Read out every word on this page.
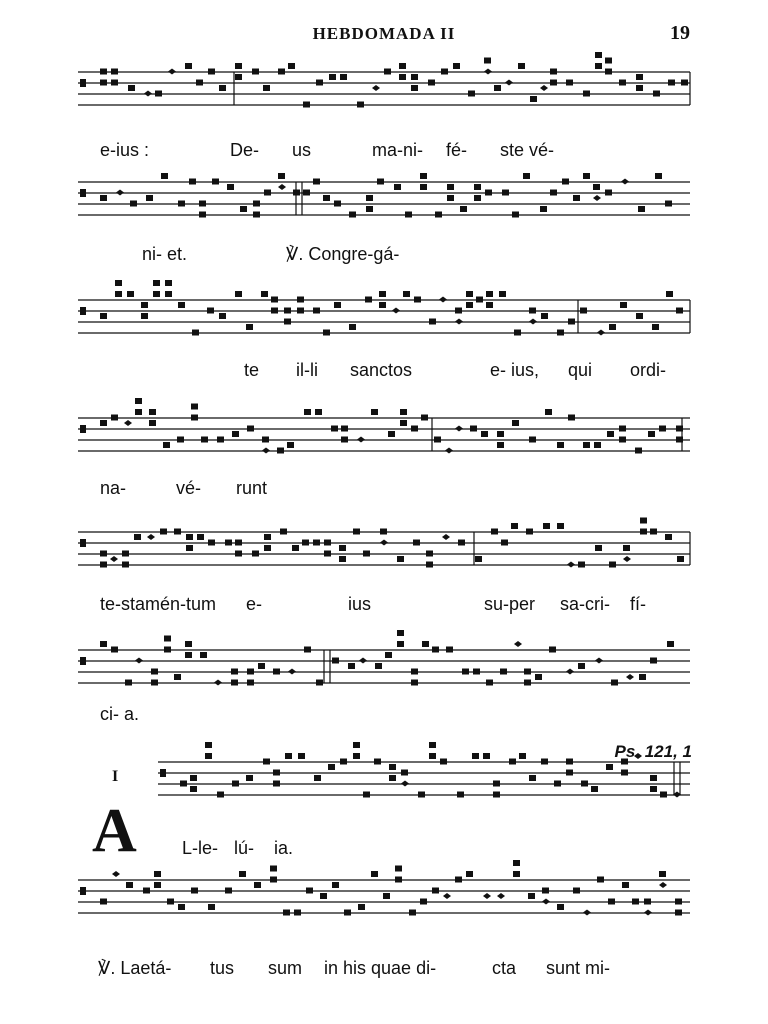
HEBDOMADA II	19
I
A
Ps. 121, 1
e-ius :	De- us	ma-ni- fé- ste vé-
ni- et.	℣. Congre-gá-
te il-li sanctos	e- ius, qui ordi-
na-	vé- runt
te-stamén-tum e-	ius	su-per sa-cri- fí-
ci- a.
L-le- lú- ia.
℣. Laetá- tus sum in his quae di-	cta sunt mi-
